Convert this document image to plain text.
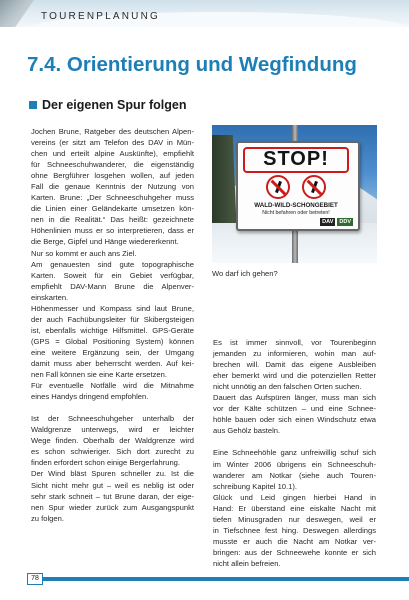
TOURENPLANUNG
7.4. Orientierung und Wegfindung
Der eigenen Spur folgen
Jochen Brune, Ratgeber des deutschen Alpen-
vereins (er sitzt am Telefon des DAV in Mün-
chen und erteilt alpine Auskünfte), empfiehlt
für Schneeschuhwanderer, die eigenständig
ohne Bergführer losgehen wollen, auf jeden
Fall die genaue Kenntnis der Nutzung von
Karten. Brune: „Der Schneeschuhgeher muss
die Linien einer Geländekarte umsetzen kön-
nen in die Realität.“ Das heißt: gezeichnete
Höhenlinien muss er so interpretieren, dass er
die Berge, Gipfel und Hänge wiedererkennt.
Nur so kommt er auch ans Ziel.
Am genauesten sind gute topographische
Karten. Soweit für ein Gebiet verfügbar,
empfiehlt DAV-Mann Brune die Alpenver-
einskarten.
Höhenmesser und Kompass sind laut Brune,
der auch Fachübungsleiter für Skibergsteigen
ist, ebenfalls wichtige Hilfsmittel. GPS-Geräte
(GPS = Global Positioning System) können
eine weitere Ergänzung sein, der Umgang
damit muss aber beherrscht werden. Auf kei-
nen Fall können sie eine Karte ersetzen.
Für eventuelle Notfälle wird die Mitnahme
eines Handys dringend empfohlen.
Ist der Schneeschuhgeher unterhalb der
Waldgrenze unterwegs, wird er leichter
Wege finden. Oberhalb der Waldgrenze wird
es schon schwieriger. Sich dort zurecht zu
finden erfordert schon einige Bergerfahrung.
Der Wind bläst Spuren schneller zu. Ist die
Sicht nicht mehr gut – weil es neblig ist oder
sehr stark schneit – tut Brune daran, der eige-
nen Spur wieder zurück zum Ausgangspunkt
zu folgen.
STOP!
WALD-WILD-SCHONGEBIET
Nicht befahren oder betreten!
DAV	DDV
Wo darf ich gehen?
Es ist immer sinnvoll, vor Tourenbeginn
jemanden zu informieren, wohin man auf-
brechen will. Damit das eigene Ausbleiben
eher bemerkt wird und die potenziellen Retter
nicht unnötig an den falschen Orten suchen.
Dauert das Aufspüren länger, muss man sich
vor der Kälte schützen – und eine Schnee-
höhle bauen oder sich einen Windschutz etwa
aus Gehölz basteln.
Eine Schneehöhle ganz unfreiwillig schuf sich
im Winter 2006 übrigens ein Schneeschuh-
wanderer am Notkar (siehe auch Touren-
schreibung Kapitel 10.1).
Glück und Leid gingen hierbei Hand in
Hand: Er überstand eine eiskalte Nacht mit
tiefen Minusgraden nur deswegen, weil er
in Tiefschnee fest hing. Deswegen allerdings
musste er auch die Nacht am Notkar ver-
bringen: aus der Schneewehe konnte er sich
nicht allein befreien.
78
